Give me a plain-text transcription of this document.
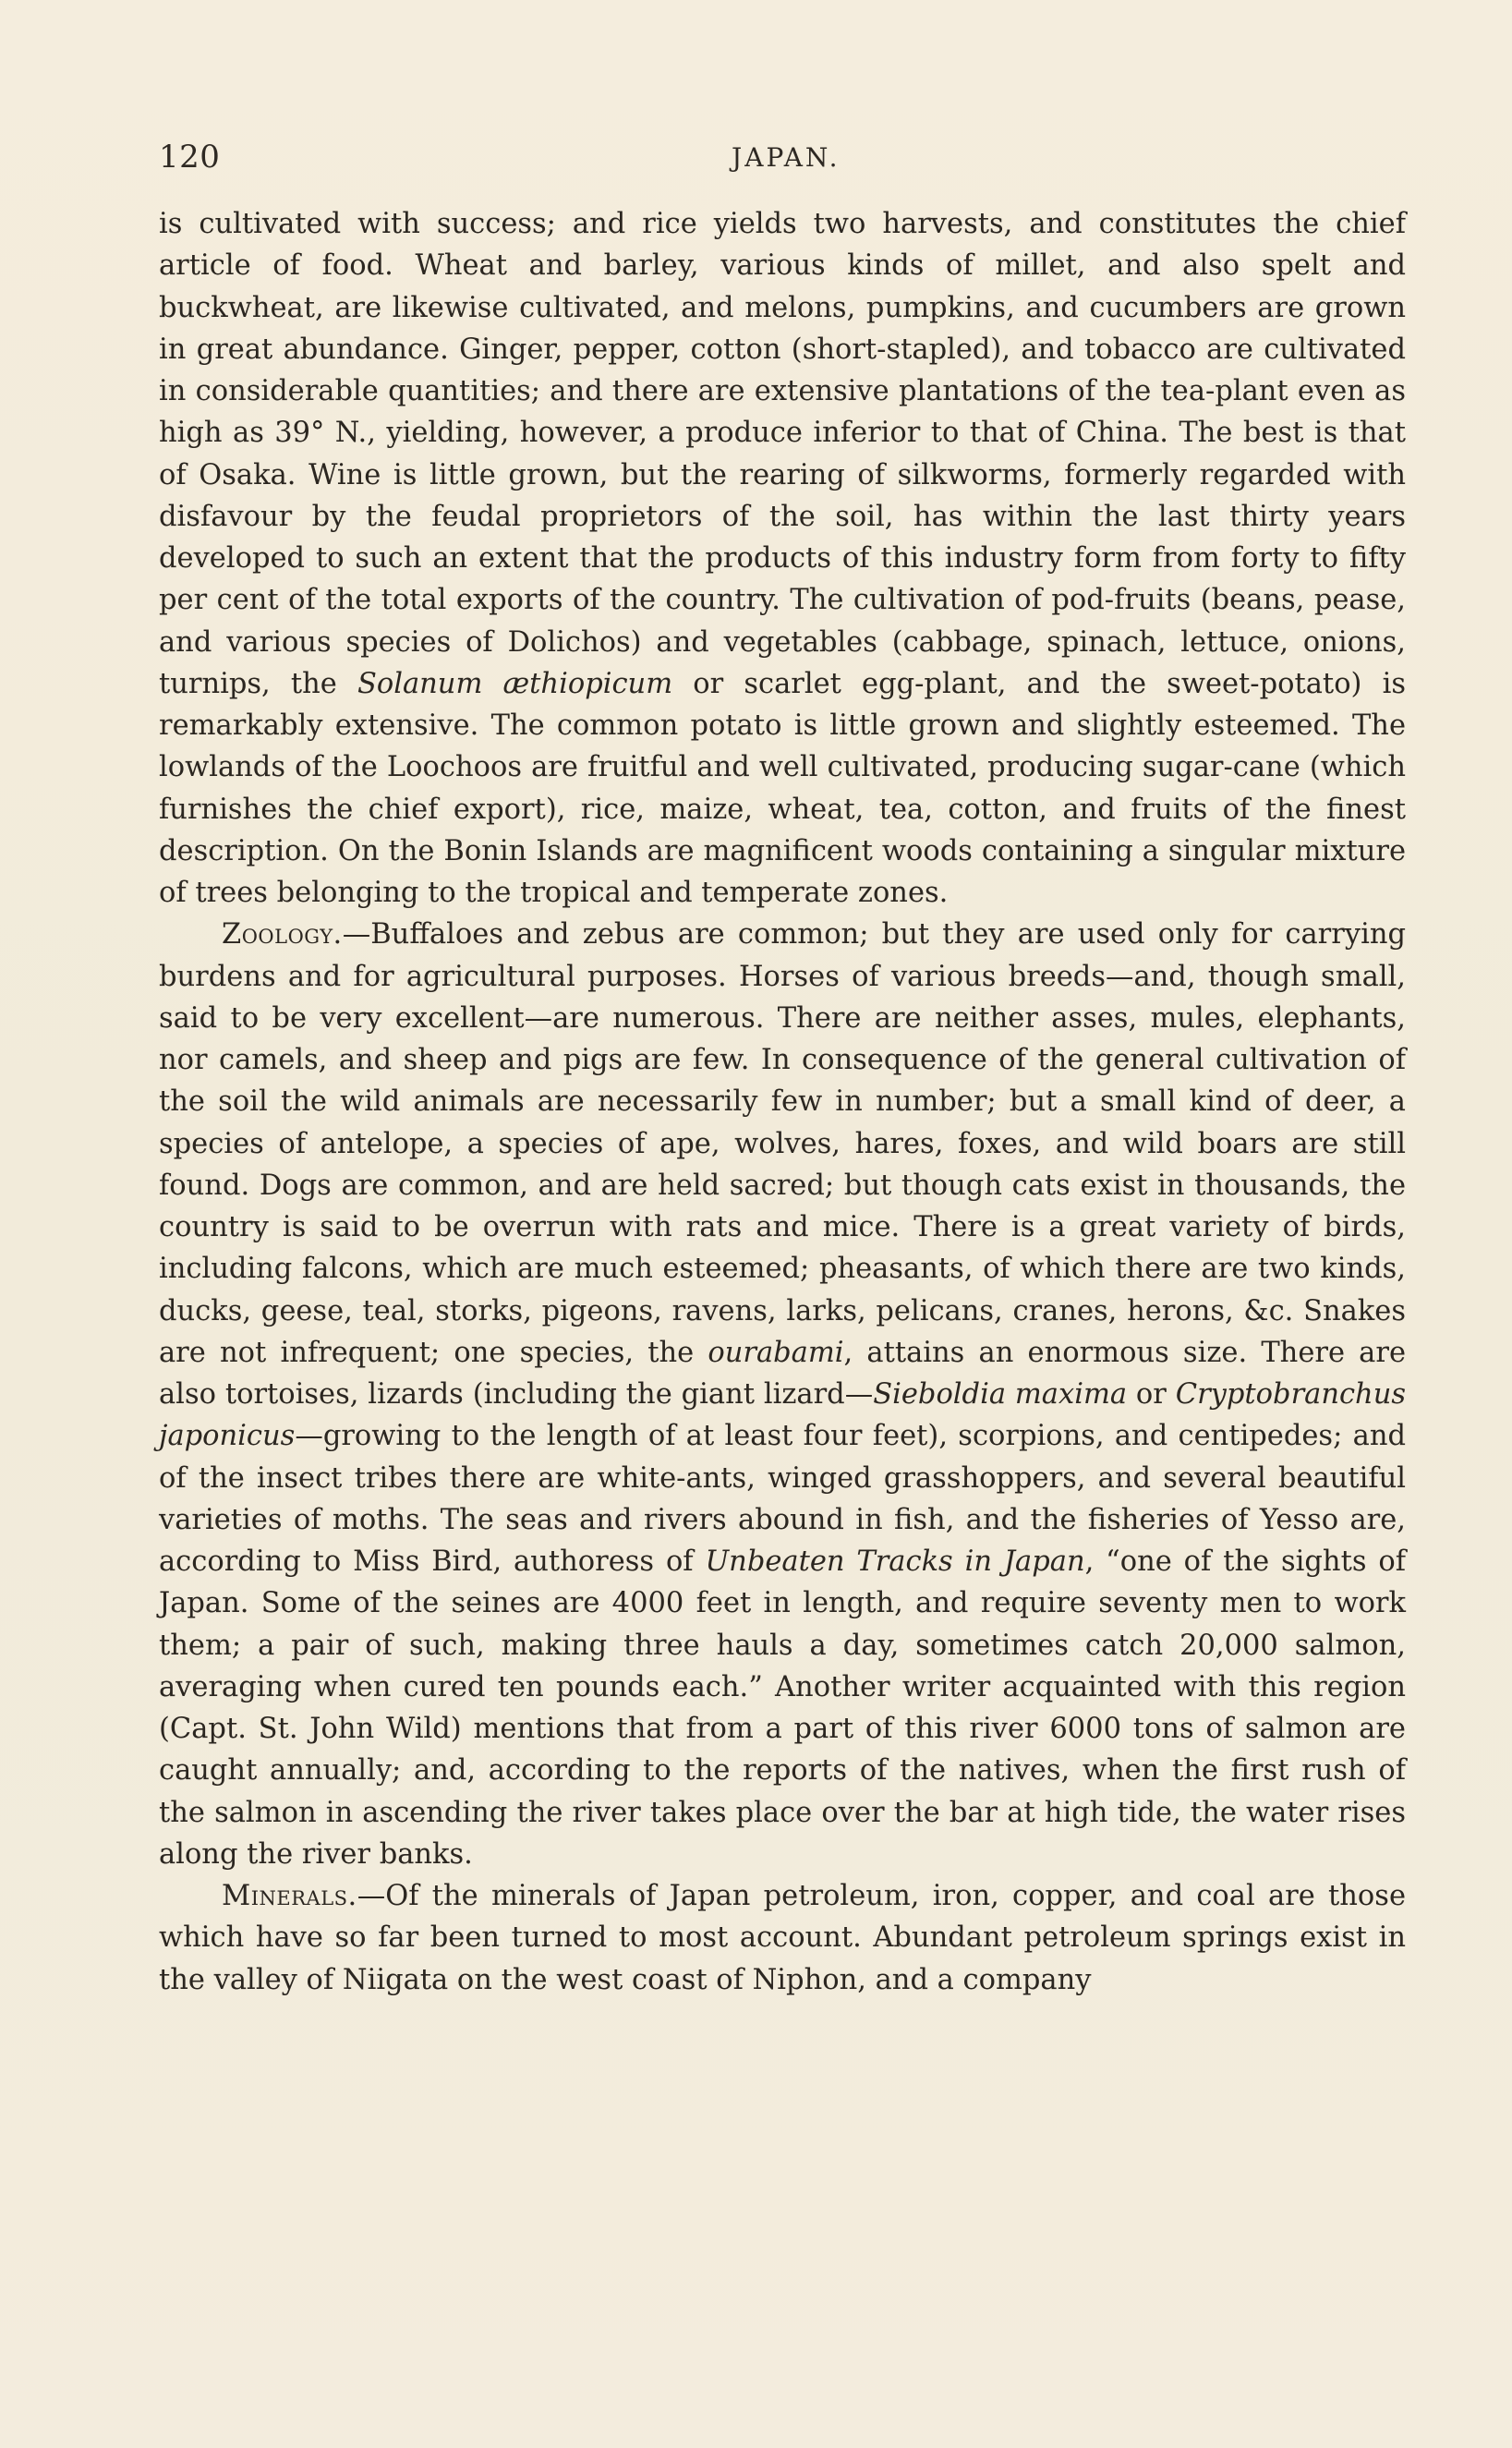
120	JAPAN.

is cultivated with success; and rice yields two harvests, and constitutes the chief article of food. Wheat and barley, various kinds of millet, and also spelt and buckwheat, are likewise cultivated, and melons, pumpkins, and cucumbers are grown in great abundance. Ginger, pepper, cotton (short-stapled), and tobacco are cultivated in considerable quantities; and there are extensive plantations of the tea-plant even as high as 39° N., yielding, however, a produce inferior to that of China. The best is that of Osaka. Wine is little grown, but the rearing of silkworms, formerly regarded with disfavour by the feudal proprietors of the soil, has within the last thirty years developed to such an extent that the products of this industry form from forty to fifty per cent of the total exports of the country. The cultivation of pod-fruits (beans, pease, and various species of Dolichos) and vegetables (cabbage, spinach, lettuce, onions, turnips, the Solanum æthiopicum or scarlet egg-plant, and the sweet-potato) is remarkably extensive. The common potato is little grown and slightly esteemed. The lowlands of the Loochoos are fruitful and well cultivated, producing sugar-cane (which furnishes the chief export), rice, maize, wheat, tea, cotton, and fruits of the finest description. On the Bonin Islands are magnificent woods containing a singular mixture of trees belonging to the tropical and temperate zones.

Zoology.—Buffaloes and zebus are common; but they are used only for carrying burdens and for agricultural purposes. Horses of various breeds—and, though small, said to be very excellent—are numerous. There are neither asses, mules, elephants, nor camels, and sheep and pigs are few. In consequence of the general cultivation of the soil the wild animals are necessarily few in number; but a small kind of deer, a species of antelope, a species of ape, wolves, hares, foxes, and wild boars are still found. Dogs are common, and are held sacred; but though cats exist in thousands, the country is said to be overrun with rats and mice. There is a great variety of birds, including falcons, which are much esteemed; pheasants, of which there are two kinds, ducks, geese, teal, storks, pigeons, ravens, larks, pelicans, cranes, herons, &c. Snakes are not infrequent; one species, the ourabami, attains an enormous size. There are also tortoises, lizards (including the giant lizard—Sieboldia maxima or Cryptobranchus japonicus—growing to the length of at least four feet), scorpions, and centipedes; and of the insect tribes there are white-ants, winged grasshoppers, and several beautiful varieties of moths. The seas and rivers abound in fish, and the fisheries of Yesso are, according to Miss Bird, authoress of Unbeaten Tracks in Japan, “one of the sights of Japan. Some of the seines are 4000 feet in length, and require seventy men to work them; a pair of such, making three hauls a day, sometimes catch 20,000 salmon, averaging when cured ten pounds each.” Another writer acquainted with this region (Capt. St. John Wild) mentions that from a part of this river 6000 tons of salmon are caught annually; and, according to the reports of the natives, when the first rush of the salmon in ascending the river takes place over the bar at high tide, the water rises along the river banks.

Minerals.—Of the minerals of Japan petroleum, iron, copper, and coal are those which have so far been turned to most account. Abundant petroleum springs exist in the valley of Niigata on the west coast of Niphon, and a company
